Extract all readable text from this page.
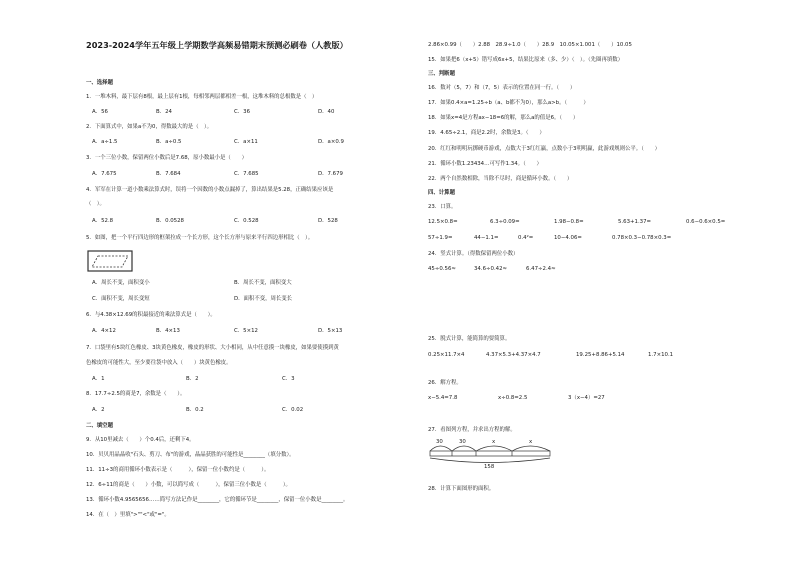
2023-2024学年五年级上学期数学高频易错期末预测必刷卷（人教版）
一、选择题
1．一堆木料，最下层有8根，最上层有1根，每相邻两层都相差一根，这堆木料的总根数是（　）
A．56	B．24	C．36	D．40
2．下面算式中，如果a不为0，得数最大的是（　）。
A．a÷1.5	B．a÷0.5	C．a×11	D．a×0.9
3．一个三位小数，保留两位小数后是7.68，原小数最小是（　　）
A．7.675	B．7.684	C．7.685	D．7.679
4．军军在计算一道小数乘法算式时，误将一个因数的小数点漏掉了，算出结果是5.28，正确结果应该是
（　）。
A．52.8	B．0.0528	C．0.528	D．528
5．如图，把一个平行四边形的框架拉成一个长方形，这个长方形与原来平行四边形相比（　）。
A．周长不变，面积变小	B．周长不变，面积变大
C．面积不变，周长变短	D．面积不变，周长变长
6．与4.38×12.69的积最接近的乘法算式是（　　）。
A．4×12	B．4×13	C．5×12	D．5×13
7．口袋里有5块红色橡皮、3块黄色橡皮，橡皮的形状、大小相同，从中任意摸一块橡皮，如果要使摸到黄
色橡皮的可能性大，至少要往袋中放入（　　）块黄色橡皮。
A．1	B．2	C．3
8．17.7÷2.5的商是7，余数是（　　）。
A．2	B．0.2	C．0.02
二、填空题
9．从10里减去（　　）个0.4后，还剩下4。
10．贝贝用晶晶收"石头、剪刀、布"的游戏，晶晶获胜的可能性是________（填分数）。
11．11÷3的商用循环小数表示是（　　　），保留一位小数约是（　　　）。
12．6÷11的商是（　　）小数，可以简写成（　　　），保留三位小数是（　　　）。
13．循环小数4.9565656……简写方法记作是________，它的循环节是________，保留一位小数是________。
14．在（　）里填">""<"或"="。
2.86×0.99（　　）2.88　28.9÷1.0（　　）28.9　10.05×1.001（　　）10.05
15．如果把6（x+5）错写成6x+5，结果比原来（多、少）（　）。（先圈再填数）
三、判断题
16．数对（5，7）和（7，5）表示的位置在同一行。（　　）
17．如果0.4×a=1.25÷b（a、b都不为0），那么a>b。（　　　）
18．如果x=4是方程ax−18=6的解，那么a的值是6。（　　）
19．4.65÷2.1，商是2.2时，余数是3。（　　）
20．红红和明明玩掷硬币游戏，点数大于3红红赢，点数小于3明明赢，此游戏规则公平。（　　）
21．循环小数1.23434…可写作1.34。（　　）
22．两个自然数相除，当除不尽时，商是循环小数。（　　）
四、计算题
23．口算。
12.5×0.8=	6.3÷0.09=	1.98−0.8=	5.63+1.37=	0.6−0.6×0.5=
57÷1.9=	44−1.1=	0.4²=	10−4.06=	0.78×0.3−0.78×0.3=
24．竖式计算。（得数保留两位小数）
45÷0.56≈	34.6÷0.42≈	6.47÷2.4≈
25．脱式计算，能简算的要简算。
0.25×11.7×4	4.37×5.3+4.37×4.7	19.25+8.86+5.14	1.7×10.1
26．解方程。
x−5.4=7.8	x÷0.8=2.5	3（x−4）=27
27．看图列方程，并求出方程的解。
30	30	x	x
158
28．计算下面图形的面积。
